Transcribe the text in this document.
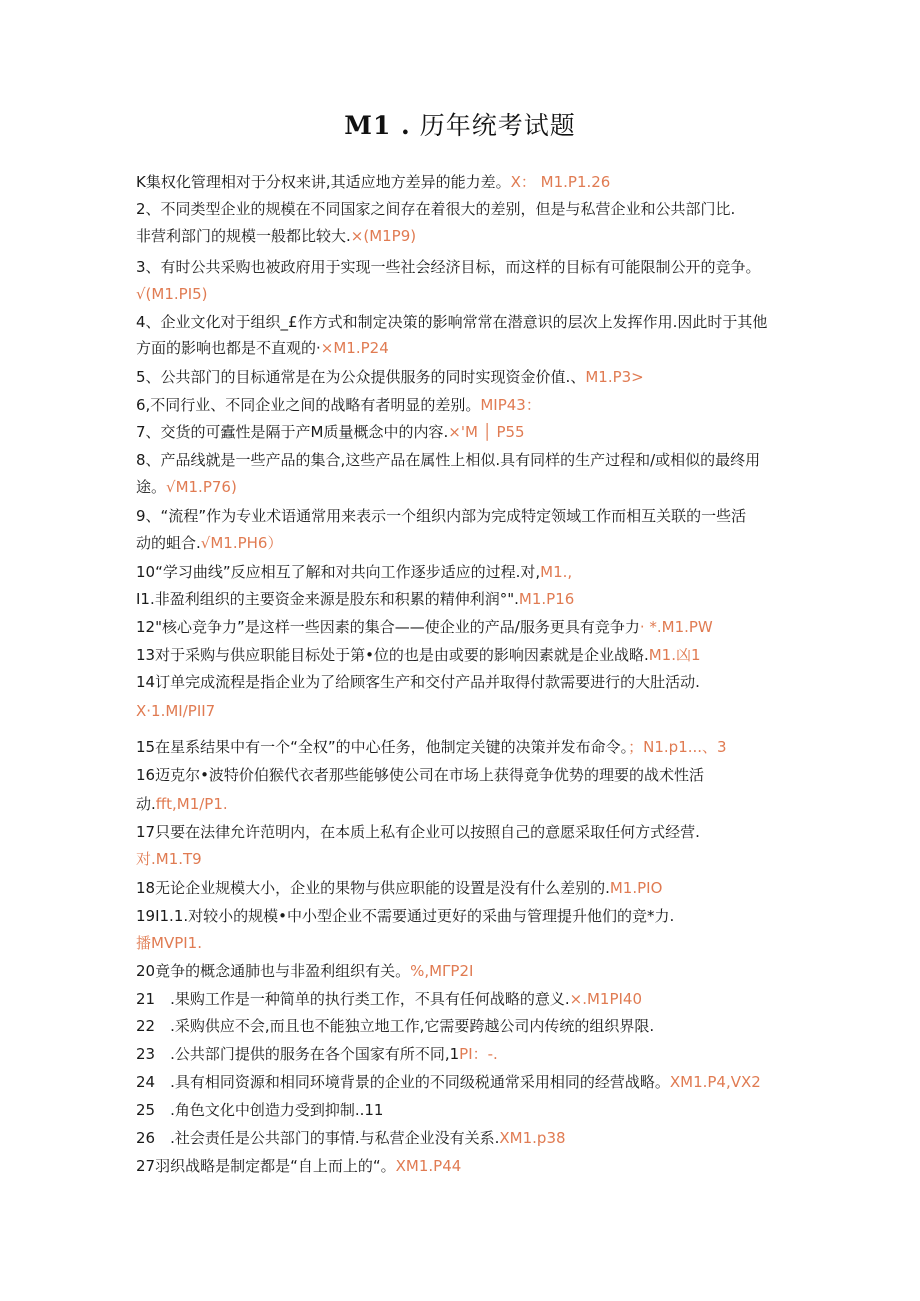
M1 . 历年统考试题
K集权化管理相对于分权来讲,其适应地方差异的能力差。X： M1.P1.26
2、不同类型企业的规模在不同国家之间存在着很大的差别，但是与私营企业和公共部门比.
非营利部门的规模一般都比较大.×(M1P9)
3、有时公共采购也被政府用于实现一些社会经济目标，而这样的目标有可能限制公开的竞争。
√(M1.PI5)
4、企业文化对于组织_£作方式和制定决策的影响常常在潜意识的层次上发挥作用.因此时于其他
方面的影响也都是不直观的·×M1.P24
5、公共部门的目标通常是在为公众提供服务的同时实现资金价值.、M1.P3>
6,不同行业、不同企业之间的战略有者明显的差别。MIP43：
7、交货的可蠹性是隔于产M质量概念中的内容.×'M │ P55
8、产品线就是一些产品的集合,这些产品在属性上相似.具有同样的生产过程和/或相似的最终用
途。√M1.P76)
9、“流程”作为专业术语通常用来表示一个组织内部为完成特定领域工作而相互关联的一些活
动的蛆合.√M1.PH6）
10“学习曲线”反应相互了解和对共向工作逐步适应的过程.对,M1.,
I1.非盈利组织的主要资金来源是股东和积累的精伸利润°".M1.P16
12"核心竞争力”是这样一些因素的集合——使企业的产品/服务更具有竞争力· *.M1.PW
13对于采购与供应职能目标处于第•位的也是由或要的影响因素就是企业战略.M1.凶1
14订单完成流程是指企业为了给顾客生产和交付产品并取得付款需要进行的大肚活动.
X·1.MI∕PII7
15在星系结果中有一个“全权”的中心任务，他制定关键的决策并发布命令。；N1.p1...、3
16迈克尔•波特价伯猴代衣者那些能够使公司在市场上获得竟争优势的理要的战术性活
动.fft,M1∕P1.
17只要在法律允许范明内，在本质上私有企业可以按照自己的意愿采取任何方式经营.
对.M1.T9
18无论企业规模大小，企业的果物与供应职能的设置是没有什么差别的.M1.PIO
19I1.1.对较小的规模•中小型企业不需要通过更好的采曲与管理提升他们的竞*力.
播MVPI1.
20竟争的概念通肺也与非盈利组织有关。%,MΓP2I
21　.果购工作是一种简单的执行类工作，不具有任何战略的意义.×.M1PI40
22　.采购供应不会,而且也不能独立地工作,它需要跨越公司内传统的组织界限.
23　.公共部门提供的服务在各个国家有所不同,1PI：-.
24　.具有相同资源和相同环境背景的企业的不同级税通常采用相同的经营战略。XM1.P4,VX2
25　.角色文化中创造力受到抑制..11
26　.社会责任是公共部门的事情.与私营企业没有关系.XM1.p38
27羽织战略是制定都是“自上而上的“。XM1.P44
